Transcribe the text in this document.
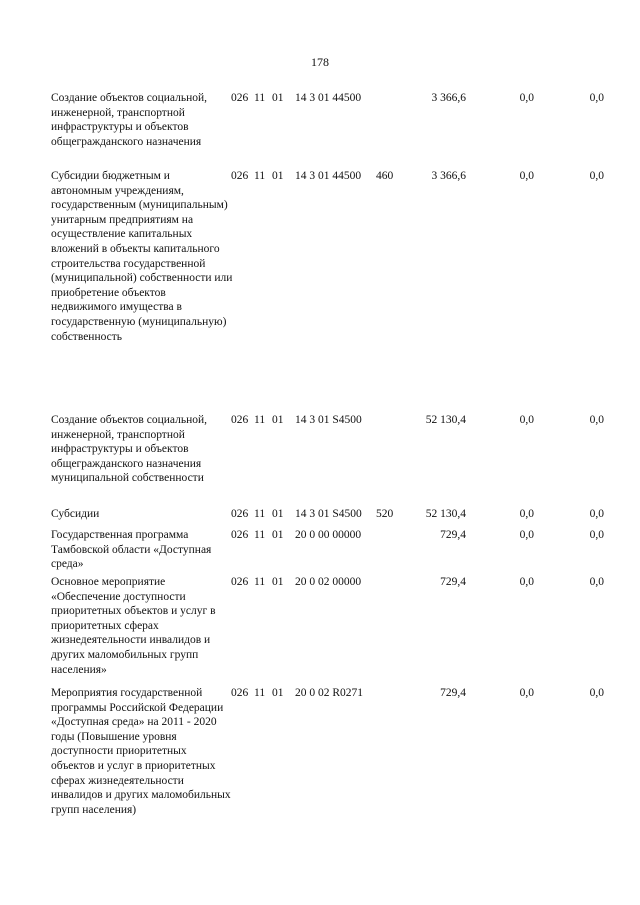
178
Создание объектов социальной, инженерной, транспортной инфраструктуры и объектов общегражданского назначения
026 11 01 14 3 01 44500	3 366,6	0,0	0,0
Субсидии бюджетным и автономным учреждениям, государственным (муниципальным) унитарным предприятиям на осуществление капитальных вложений в объекты капитального строительства государственной (муниципальной) собственности или приобретение объектов недвижимого имущества в государственную (муниципальную) собственность
026 11 01 14 3 01 44500 460	3 366,6	0,0	0,0
Создание объектов социальной, инженерной, транспортной инфраструктуры и объектов общегражданского назначения муниципальной собственности
026 11 01 14 3 01 S4500	52 130,4	0,0	0,0
Субсидии	026 11 01 14 3 01 S4500 520	52 130,4	0,0	0,0
Государственная программа Тамбовской области «Доступная среда»
026 11 01 20 0 00 00000	729,4	0,0	0,0
Основное мероприятие «Обеспечение доступности приоритетных объектов и услуг в приоритетных сферах жизнедеятельности инвалидов и других маломобильных групп населения»
026 11 01 20 0 02 00000	729,4	0,0	0,0
Мероприятия государственной программы Российской Федерации «Доступная среда» на 2011 - 2020 годы (Повышение уровня доступности приоритетных объектов и услуг в приоритетных сферах жизнедеятельности инвалидов и других маломобильных групп населения)
026 11 01 20 0 02 R0271	729,4	0,0	0,0
